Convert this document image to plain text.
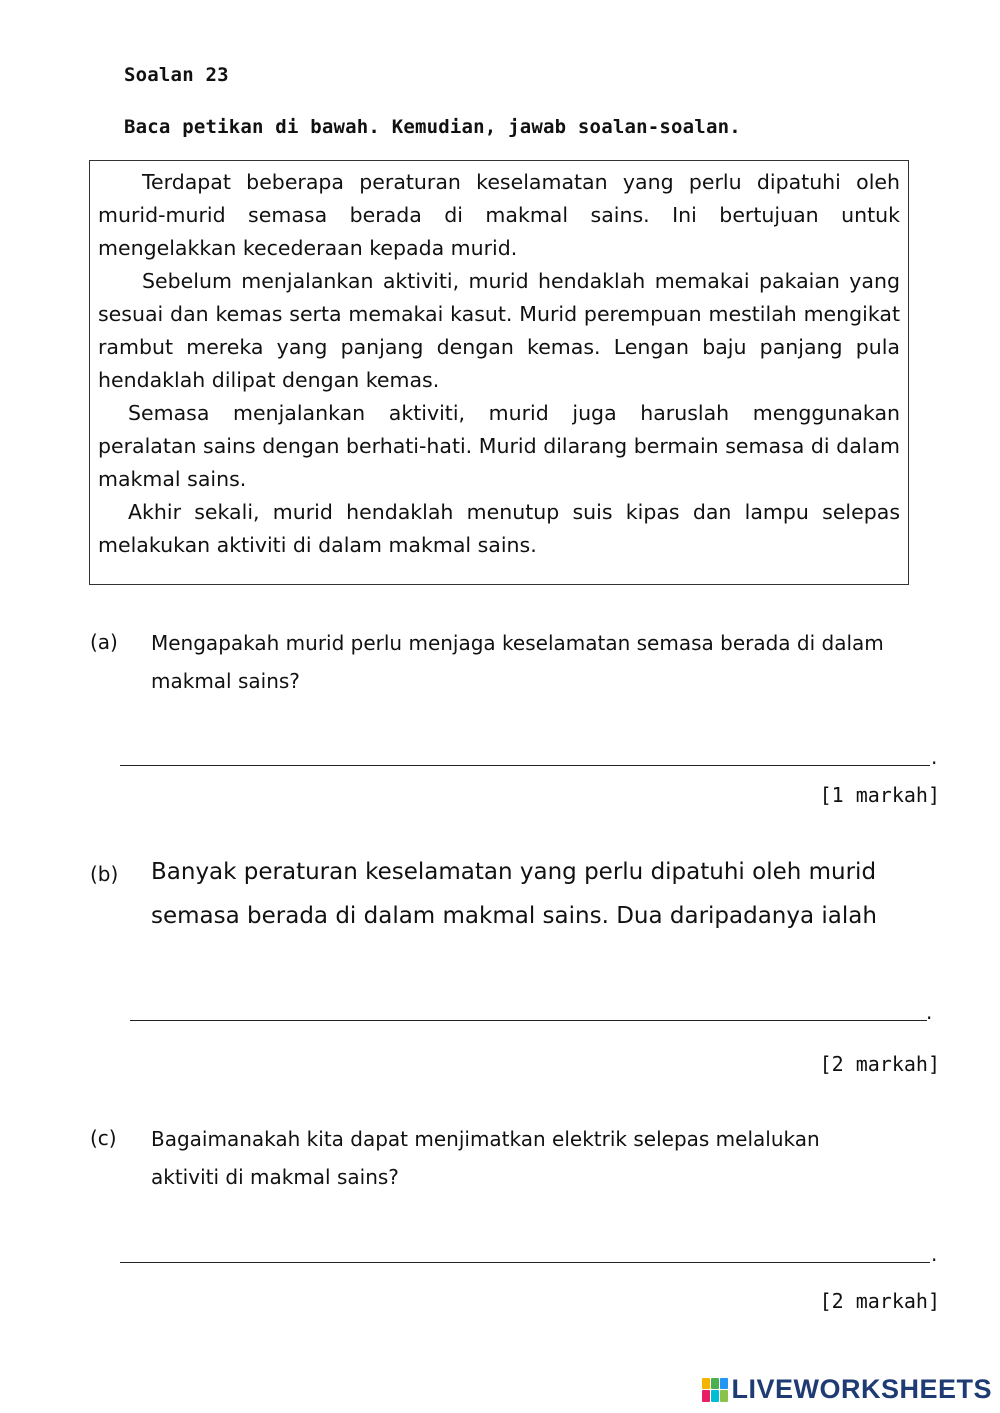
Soalan 23
Baca petikan di bawah. Kemudian, jawab soalan-soalan.

Terdapat beberapa peraturan keselamatan yang perlu dipatuhi oleh murid-murid semasa berada di makmal sains. Ini bertujuan untuk mengelakkan kecederaan kepada murid.

Sebelum menjalankan aktiviti, murid hendaklah memakai pakaian yang sesuai dan kemas serta memakai kasut. Murid perempuan mestilah mengikat rambut mereka yang panjang dengan kemas. Lengan baju panjang pula hendaklah dilipat dengan kemas.

Semasa menjalankan aktiviti, murid juga haruslah menggunakan peralatan sains dengan berhati-hati. Murid dilarang bermain semasa di dalam makmal sains.

Akhir sekali, murid hendaklah menutup suis kipas dan lampu selepas melakukan aktiviti di dalam makmal sains.

(a) Mengapakah murid perlu menjaga keselamatan semasa berada di dalam makmal sains?
.
[1 markah]
(b) Banyak peraturan keselamatan yang perlu dipatuhi oleh murid semasa berada di dalam makmal sains. Dua daripadanya ialah
.
[2 markah]
(c) Bagaimanakah kita dapat menjimatkan elektrik selepas melalukan aktiviti di makmal sains?
.
[2 markah]
LIVEWORKSHEETS
